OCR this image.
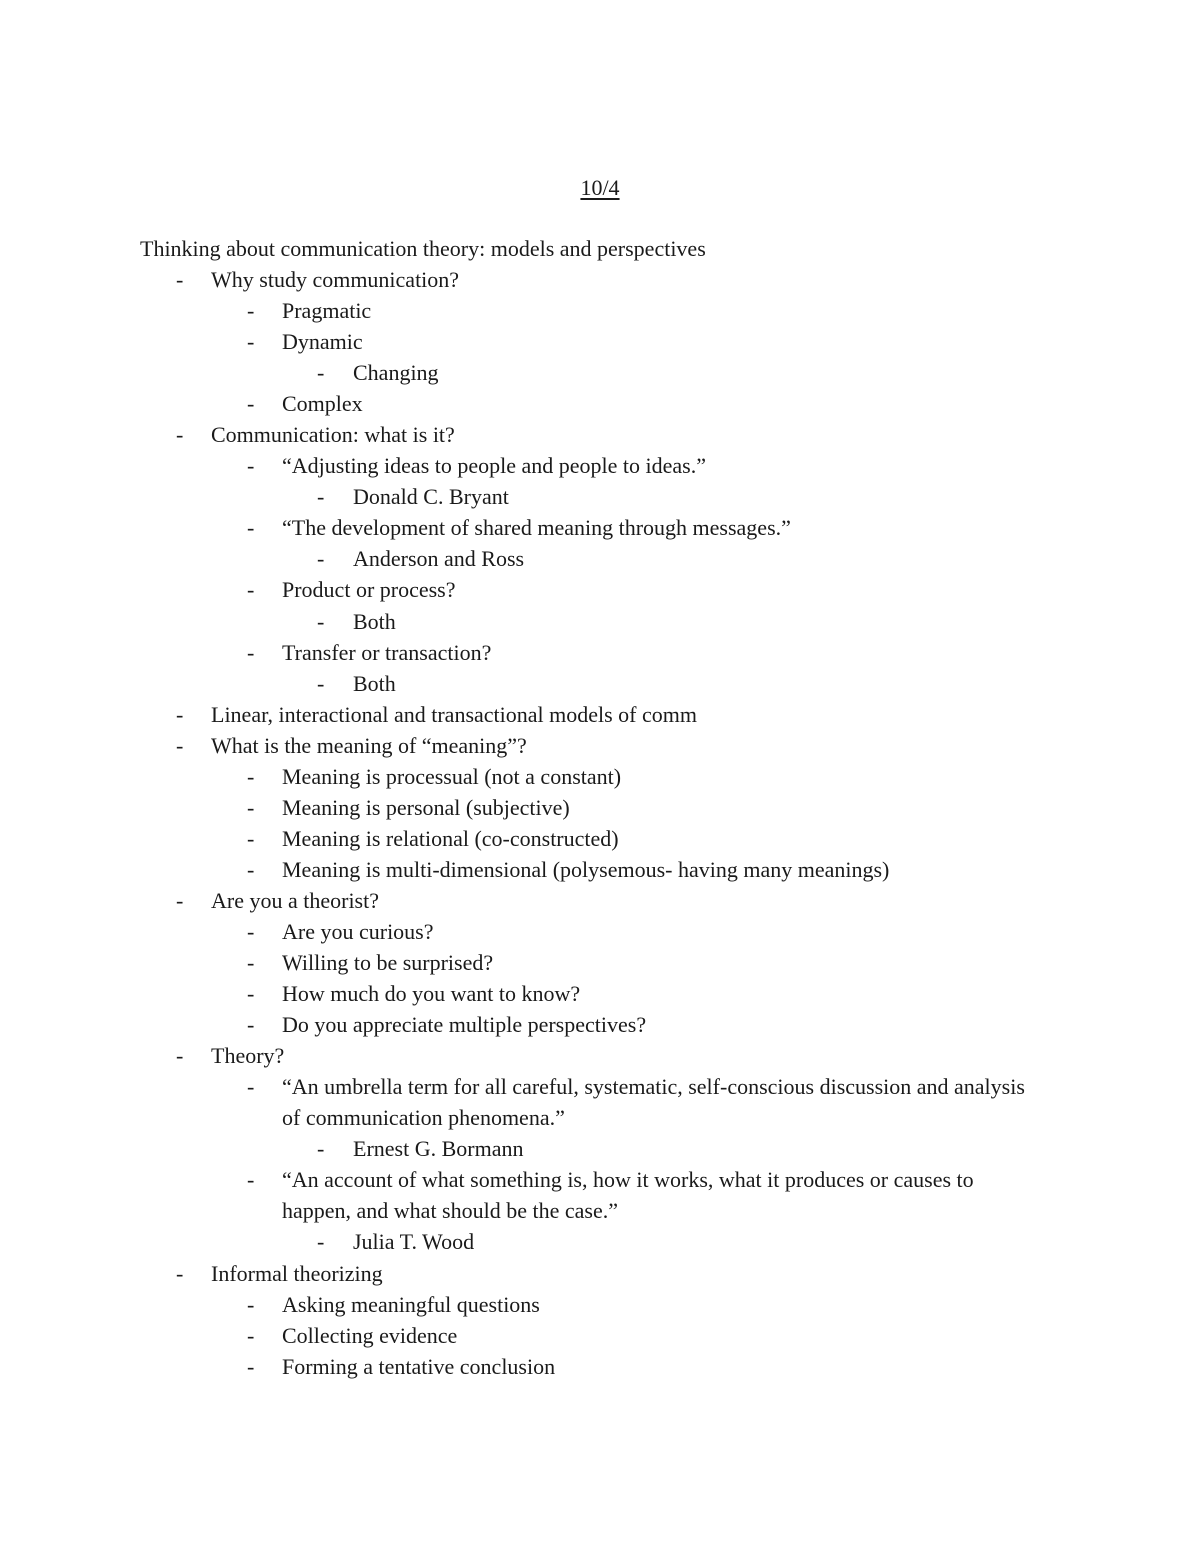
10/4
Thinking about communication theory: models and perspectives
- Why study communication?
- Pragmatic
- Dynamic
- Changing
- Complex
- Communication: what is it?
- “Adjusting ideas to people and people to ideas.”
- Donald C. Bryant
- “The development of shared meaning through messages.”
- Anderson and Ross
- Product or process?
- Both
- Transfer or transaction?
- Both
- Linear, interactional and transactional models of comm
- What is the meaning of “meaning”?
- Meaning is processual (not a constant)
- Meaning is personal (subjective)
- Meaning is relational (co-constructed)
- Meaning is multi-dimensional (polysemous- having many meanings)
- Are you a theorist?
- Are you curious?
- Willing to be surprised?
- How much do you want to know?
- Do you appreciate multiple perspectives?
- Theory?
- “An umbrella term for all careful, systematic, self-conscious discussion and analysis of communication phenomena.”
- Ernest G. Bormann
- “An account of what something is, how it works, what it produces or causes to happen, and what should be the case.”
- Julia T. Wood
- Informal theorizing
- Asking meaningful questions
- Collecting evidence
- Forming a tentative conclusion
